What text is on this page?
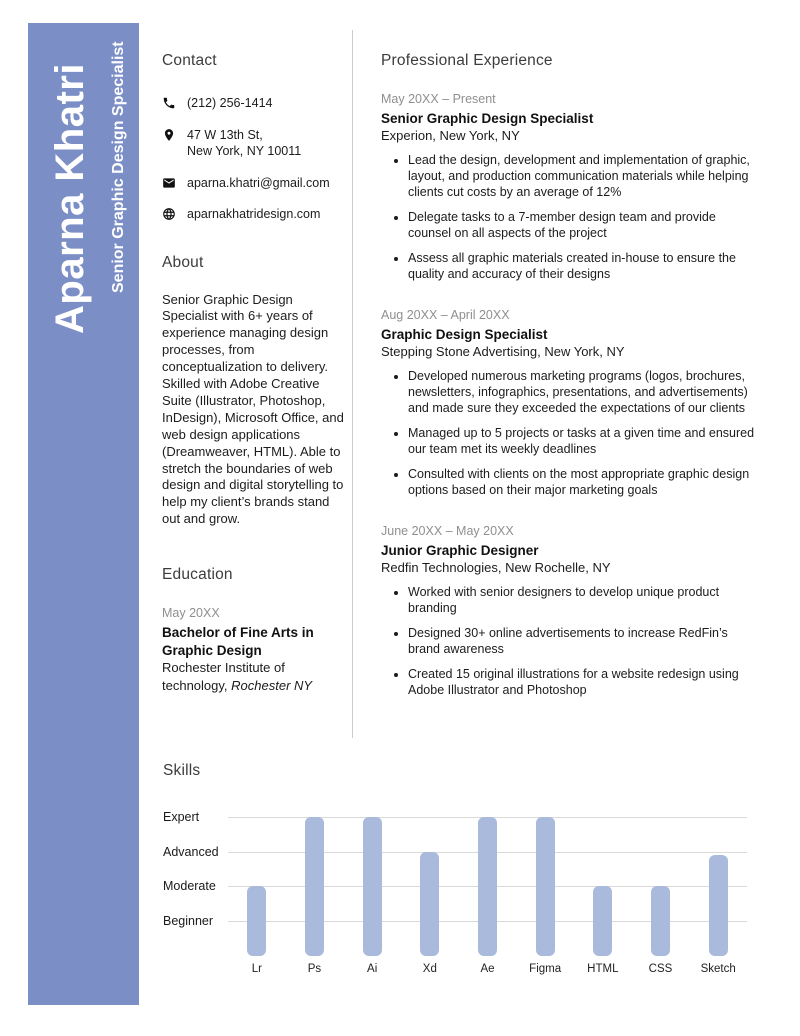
Aparna Khatri Senior Graphic Design Specialist Contact
(212) 256-1414
47 W 13th St,
New York, NY 10011
aparna.khatri@gmail.com
aparnakhatridesign.com
About

Senior Graphic Design Specialist with 6+ years of experience managing design processes, from conceptualization to delivery. Skilled with Adobe Creative Suite (Illustrator, Photoshop, InDesign), Microsoft Office, and web design applications (Dreamweaver, HTML). Able to stretch the boundaries of web design and digital storytelling to help my client’s brands stand out and grow.

Education
May 20XX
Bachelor of Fine Arts in Graphic Design
Rochester Institute of technology, Rochester NY
Professional Experience
May 20XX – Present
Senior Graphic Design Specialist
Experion, New York, NY
• Lead the design, development and implementation of graphic, layout, and production communication materials while helping clients cut costs by an average of 12%
• Delegate tasks to a 7-member design team and provide counsel on all aspects of the project
• Assess all graphic materials created in-house to ensure the quality and accuracy of their designs
Aug 20XX – April 20XX
Graphic Design Specialist
Stepping Stone Advertising, New York, NY
• Developed numerous marketing programs (logos, brochures, newsletters, infographics, presentations, and advertisements) and made sure they exceeded the expectations of our clients
• Managed up to 5 projects or tasks at a given time and ensured our team met its weekly deadlines
• Consulted with clients on the most appropriate graphic design options based on their major marketing goals
June 20XX – May 20XX
Junior Graphic Designer
Redfin Technologies, New Rochelle, NY
• Worked with senior designers to develop unique product branding
• Designed 30+ online advertisements to increase RedFin’s brand awareness
• Created 15 original illustrations for a website redesign using Adobe Illustrator and Photoshop
Skills
Expert
Advanced
Moderate
Beginner
Lr	Ps	Ai	Xd	Ae	Figma	HTML	CSS	Sketch
